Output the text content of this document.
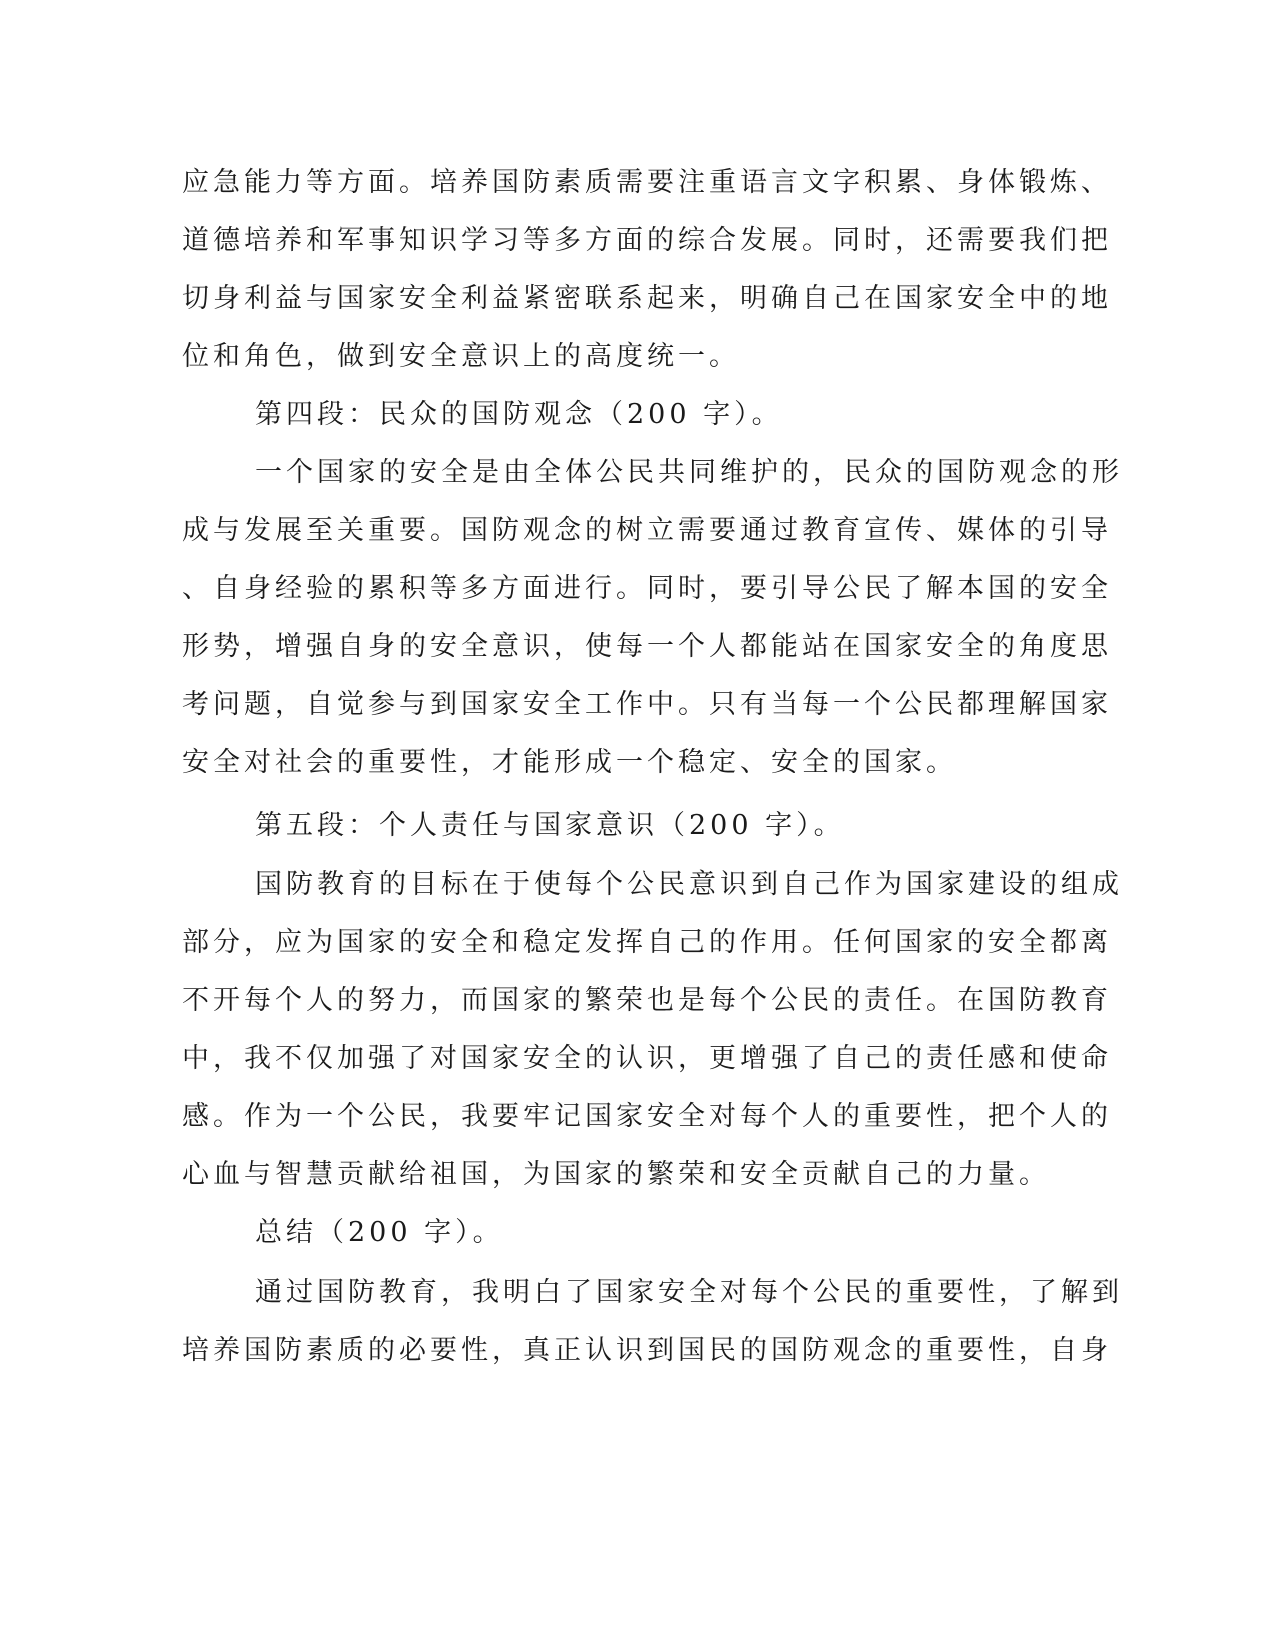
应急能力等方面。培养国防素质需要注重语言文字积累、身体锻炼、

道德培养和军事知识学习等多方面的综合发展。同时，还需要我们把

切身利益与国家安全利益紧密联系起来，明确自己在国家安全中的地

位和角色，做到安全意识上的高度统一。

第四段：民众的国防观念（200 字）。

一个国家的安全是由全体公民共同维护的，民众的国防观念的形

成与发展至关重要。国防观念的树立需要通过教育宣传、媒体的引导

、自身经验的累积等多方面进行。同时，要引导公民了解本国的安全

形势，增强自身的安全意识，使每一个人都能站在国家安全的角度思

考问题，自觉参与到国家安全工作中。只有当每一个公民都理解国家

安全对社会的重要性，才能形成一个稳定、安全的国家。

第五段：个人责任与国家意识（200 字）。

国防教育的目标在于使每个公民意识到自己作为国家建设的组成

部分，应为国家的安全和稳定发挥自己的作用。任何国家的安全都离

不开每个人的努力，而国家的繁荣也是每个公民的责任。在国防教育

中，我不仅加强了对国家安全的认识，更增强了自己的责任感和使命

感。作为一个公民，我要牢记国家安全对每个人的重要性，把个人的

心血与智慧贡献给祖国，为国家的繁荣和安全贡献自己的力量。

总结（200 字）。

通过国防教育，我明白了国家安全对每个公民的重要性，了解到

培养国防素质的必要性，真正认识到国民的国防观念的重要性，自身
